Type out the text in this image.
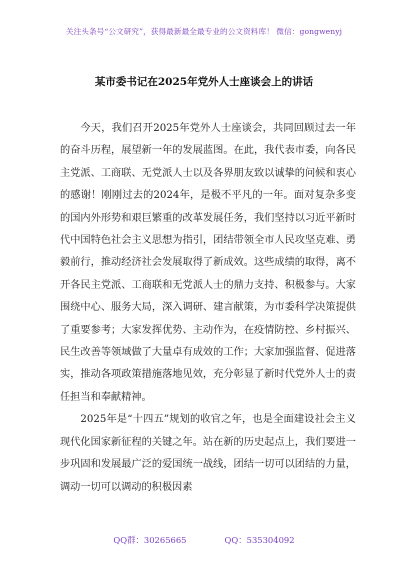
关注头条号“公文研究”，获得最新最全最专业的公文资料库！ 微信：gongwenyj
某市委书记在2025年党外人士座谈会上的讲话

今天，我们召开2025年党外人士座谈会，共同回顾过去一年的奋斗历程，展望新一年的发展蓝图。在此，我代表市委，向各民主党派、工商联、无党派人士以及各界朋友致以诚挚的问候和衷心的感谢！刚刚过去的2024年，是极不平凡的一年。面对复杂多变的国内外形势和艰巨繁重的改革发展任务，我们坚持以习近平新时代中国特色社会主义思想为指引，团结带领全市人民攻坚克难、勇毅前行，推动经济社会发展取得了新成效。这些成绩的取得，离不开各民主党派、工商联和无党派人士的鼎力支持、积极参与。大家围绕中心、服务大局，深入调研、建言献策，为市委科学决策提供了重要参考；大家发挥优势、主动作为，在疫情防控、乡村振兴、民生改善等领域做了大量卓有成效的工作；大家加强监督、促进落实，推动各项政策措施落地见效，充分彰显了新时代党外人士的责任担当和奉献精神。

2025年是“十四五”规划的收官之年，也是全面建设社会主义现代化国家新征程的关键之年。站在新的历史起点上，我们要进一步巩固和发展最广泛的爱国统一战线，团结一切可以团结的力量，调动一切可以调动的积极因素

QQ群：30265665	QQ：535304092
